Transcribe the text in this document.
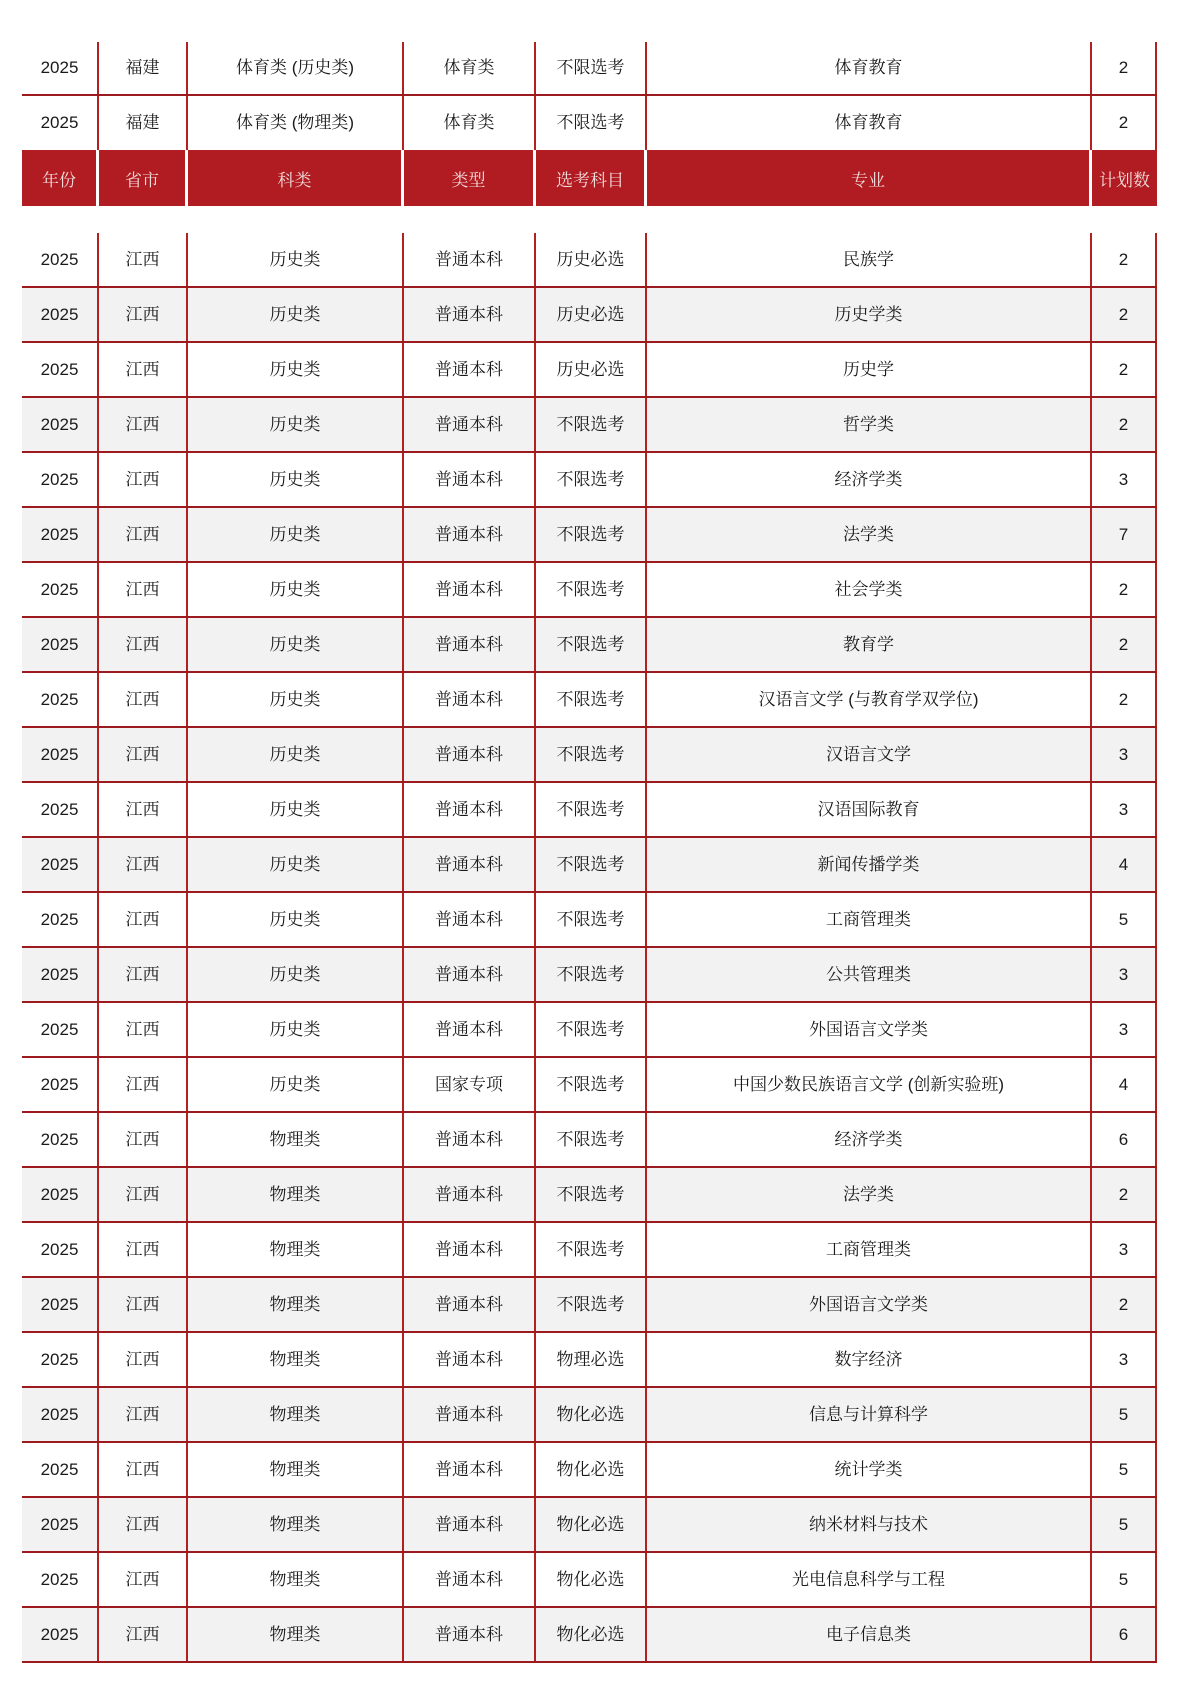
2025	福建	体育类 (历史类)	体育类	不限选考	体育教育	2
2025	福建	体育类 (物理类)	体育类	不限选考	体育教育	2
年份	省市	科类	类型	选考科目	专业	计划数
2025	江西	历史类	普通本科	历史必选	民族学	2
2025	江西	历史类	普通本科	历史必选	历史学类	2
2025	江西	历史类	普通本科	历史必选	历史学	2
2025	江西	历史类	普通本科	不限选考	哲学类	2
2025	江西	历史类	普通本科	不限选考	经济学类	3
2025	江西	历史类	普通本科	不限选考	法学类	7
2025	江西	历史类	普通本科	不限选考	社会学类	2
2025	江西	历史类	普通本科	不限选考	教育学	2
2025	江西	历史类	普通本科	不限选考	汉语言文学 (与教育学双学位)	2
2025	江西	历史类	普通本科	不限选考	汉语言文学	3
2025	江西	历史类	普通本科	不限选考	汉语国际教育	3
2025	江西	历史类	普通本科	不限选考	新闻传播学类	4
2025	江西	历史类	普通本科	不限选考	工商管理类	5
2025	江西	历史类	普通本科	不限选考	公共管理类	3
2025	江西	历史类	普通本科	不限选考	外国语言文学类	3
2025	江西	历史类	国家专项	不限选考	中国少数民族语言文学 (创新实验班)	4
2025	江西	物理类	普通本科	不限选考	经济学类	6
2025	江西	物理类	普通本科	不限选考	法学类	2
2025	江西	物理类	普通本科	不限选考	工商管理类	3
2025	江西	物理类	普通本科	不限选考	外国语言文学类	2
2025	江西	物理类	普通本科	物理必选	数字经济	3
2025	江西	物理类	普通本科	物化必选	信息与计算科学	5
2025	江西	物理类	普通本科	物化必选	统计学类	5
2025	江西	物理类	普通本科	物化必选	纳米材料与技术	5
2025	江西	物理类	普通本科	物化必选	光电信息科学与工程	5
2025	江西	物理类	普通本科	物化必选	电子信息类	6
